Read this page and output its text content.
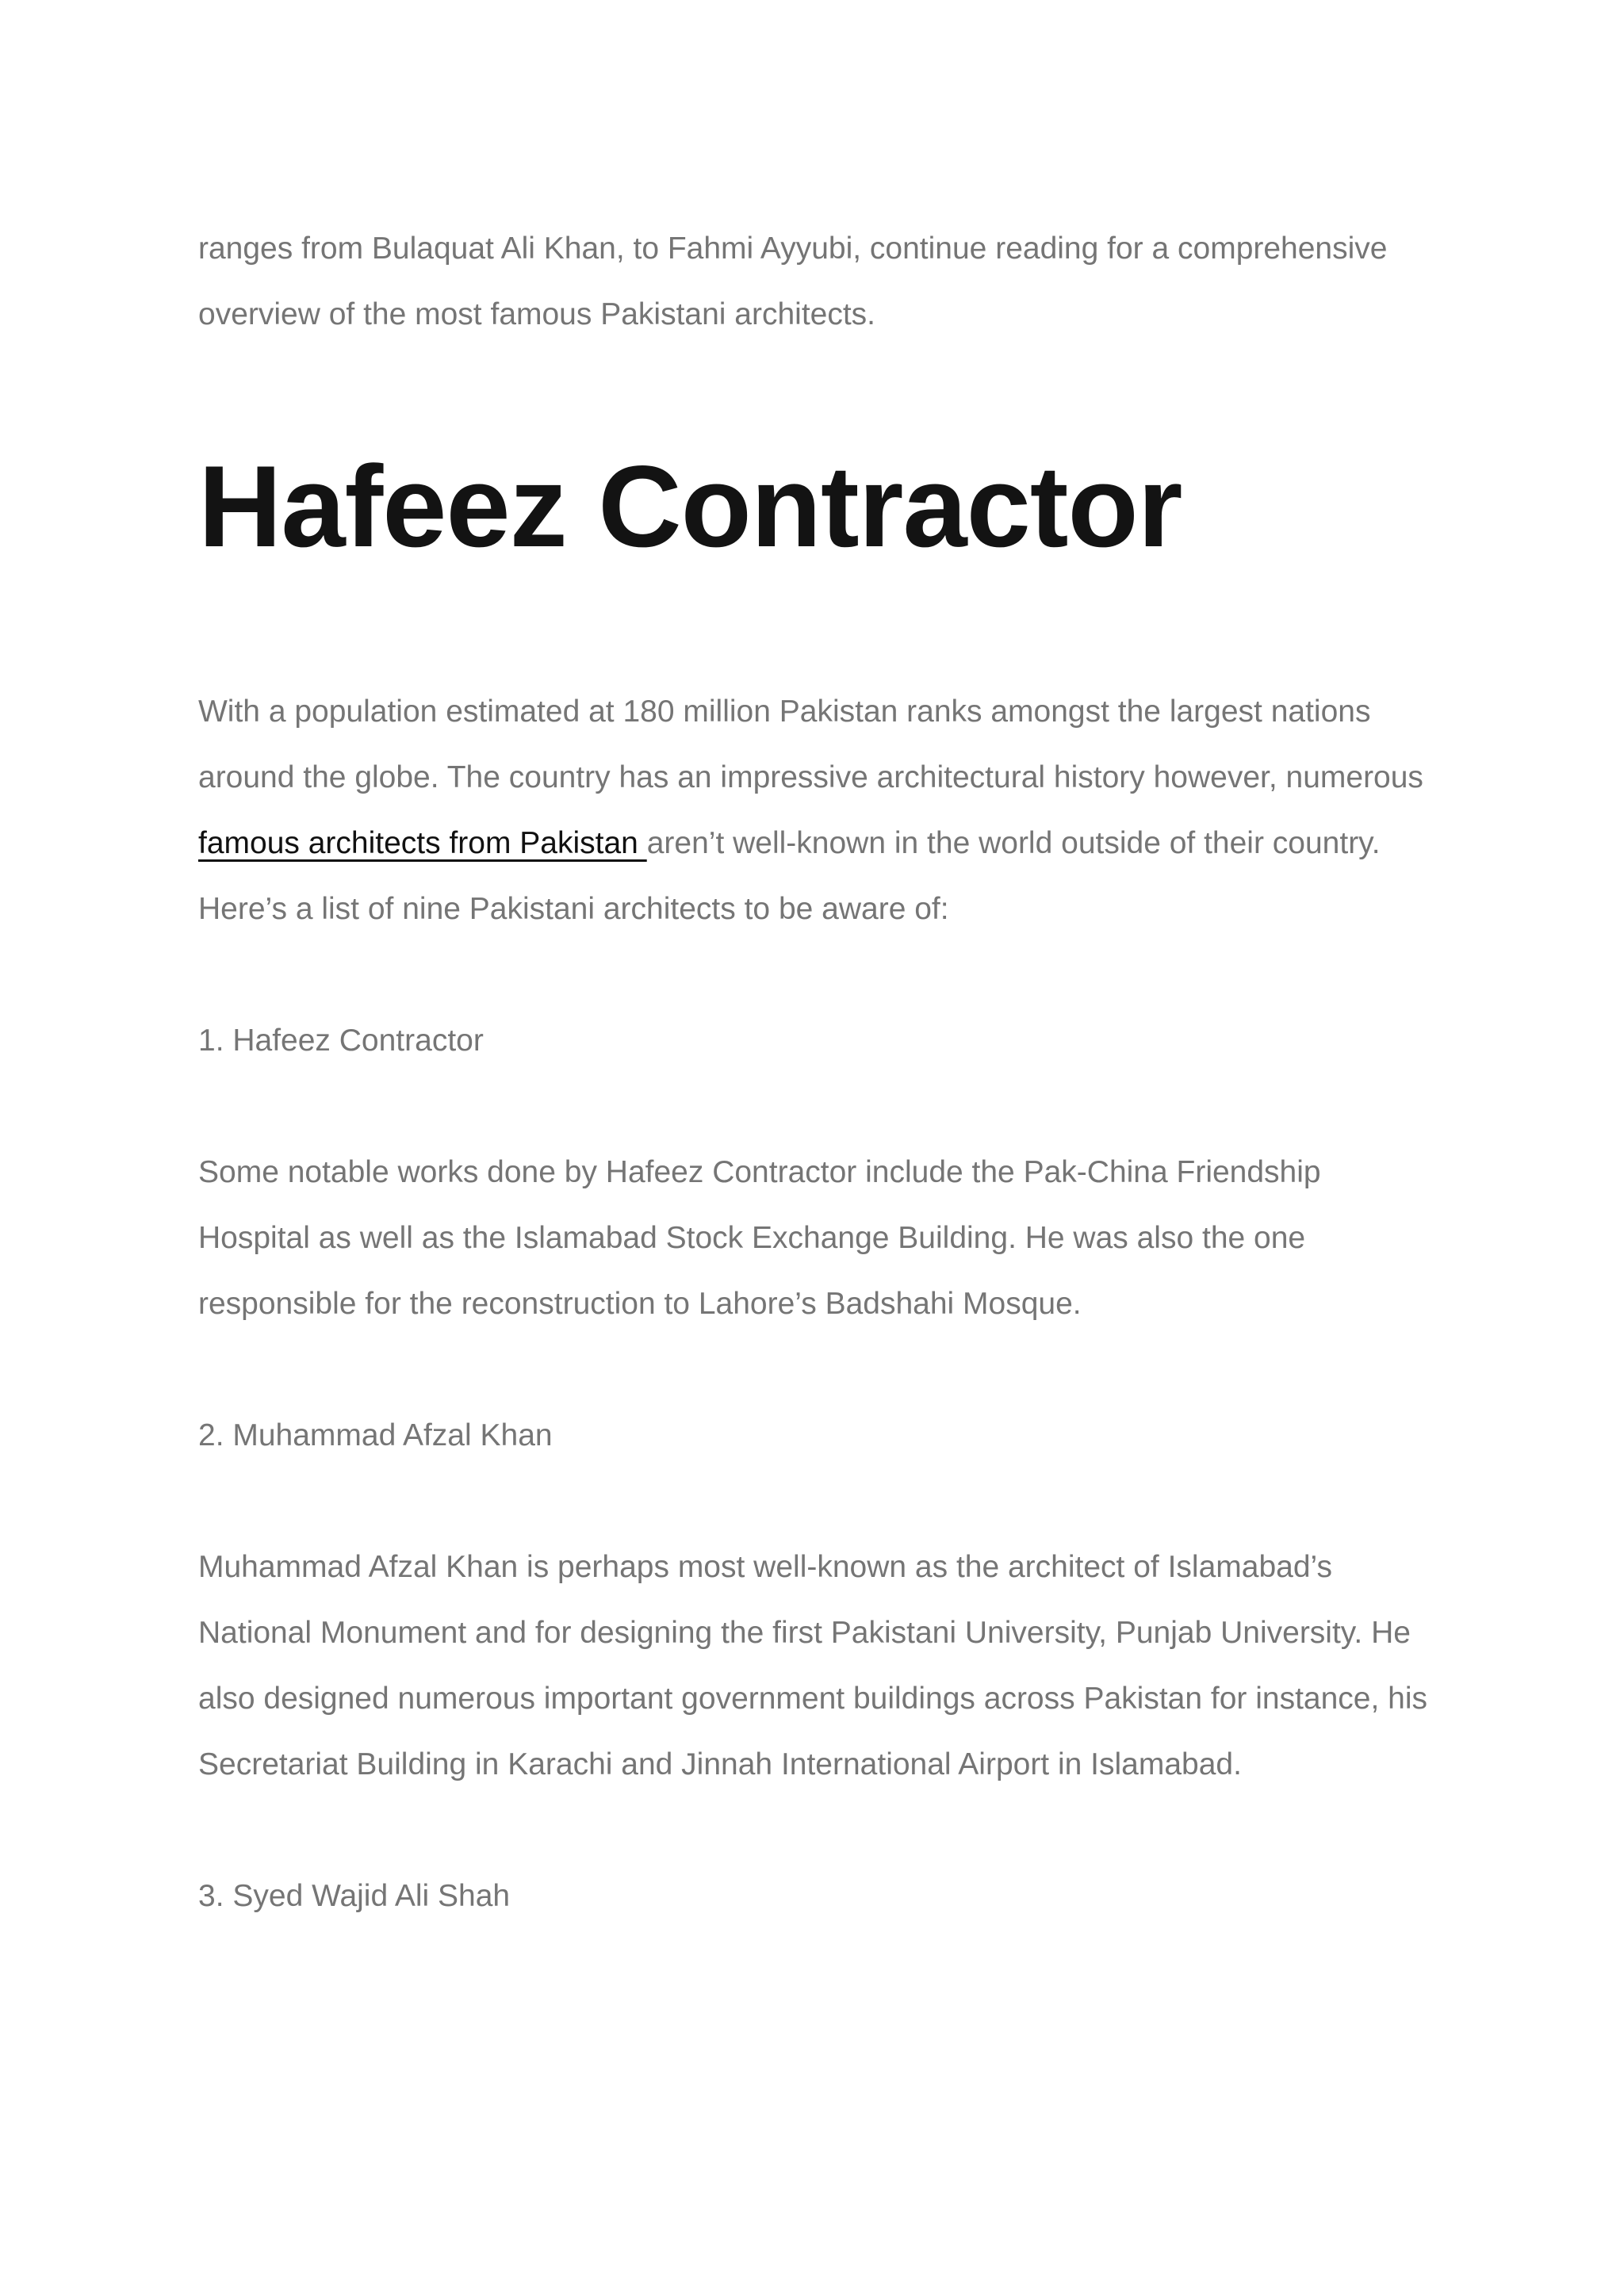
ranges from Bulaquat Ali Khan, to Fahmi Ayyubi, continue reading for a comprehensive overview of the most famous Pakistani architects.

Hafeez Contractor

With a population estimated at 180 million Pakistan ranks amongst the largest nations around the globe. The country has an impressive architectural history however, numerous famous architects from Pakistan aren’t well-known in the world outside of their country. Here’s a list of nine Pakistani architects to be aware of:

1. Hafeez Contractor

Some notable works done by Hafeez Contractor include the Pak-China Friendship Hospital as well as the Islamabad Stock Exchange Building. He was also the one responsible for the reconstruction to Lahore’s Badshahi Mosque.

2. Muhammad Afzal Khan

Muhammad Afzal Khan is perhaps most well-known as the architect of Islamabad’s National Monument and for designing the first Pakistani University, Punjab University. He also designed numerous important government buildings across Pakistan for instance, his Secretariat Building in Karachi and Jinnah International Airport in Islamabad.

3. Syed Wajid Ali Shah
